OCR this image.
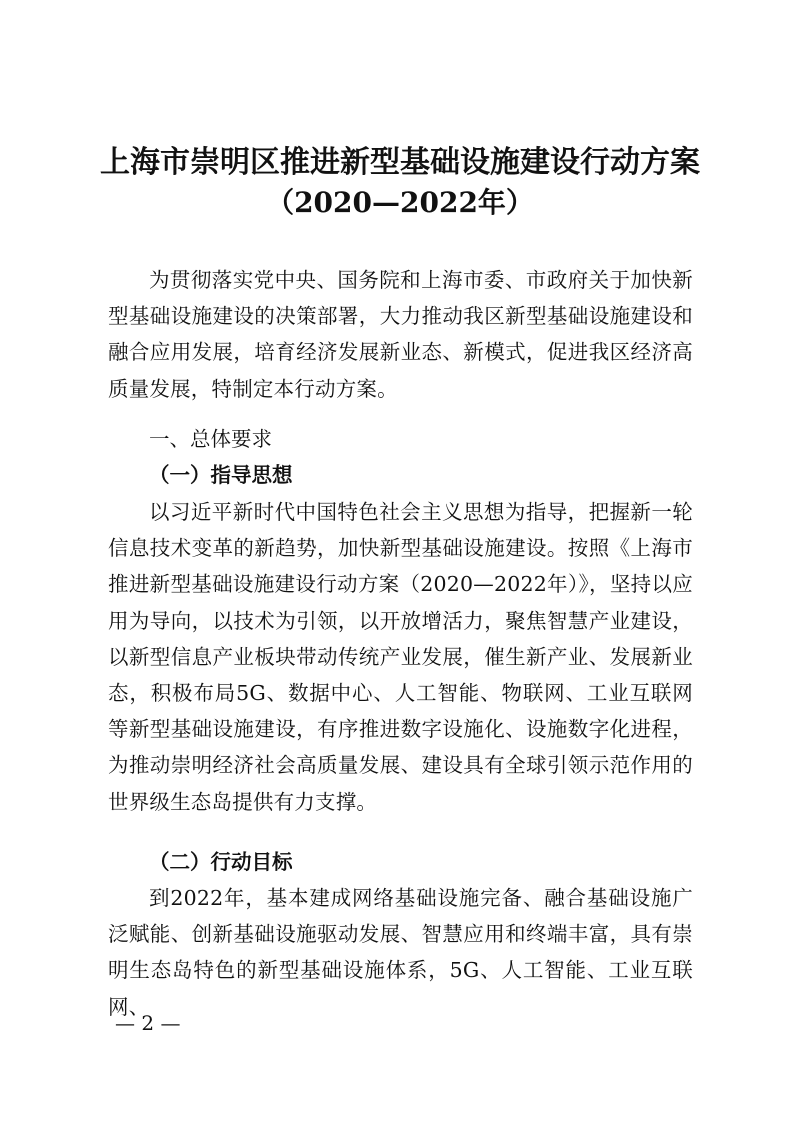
上海市崇明区推进新型基础设施建设行动方案
（2020—2022年）

为贯彻落实党中央、国务院和上海市委、市政府关于加快新型基础设施建设的决策部署，大力推动我区新型基础设施建设和融合应用发展，培育经济发展新业态、新模式，促进我区经济高质量发展，特制定本行动方案。

一、总体要求

（一）指导思想

以习近平新时代中国特色社会主义思想为指导，把握新一轮信息技术变革的新趋势，加快新型基础设施建设。按照《上海市推进新型基础设施建设行动方案（2020—2022年）》，坚持以应用为导向，以技术为引领，以开放增活力，聚焦智慧产业建设，以新型信息产业板块带动传统产业发展，催生新产业、发展新业态，积极布局5G、数据中心、人工智能、物联网、工业互联网等新型基础设施建设，有序推进数字设施化、设施数字化进程，为推动崇明经济社会高质量发展、建设具有全球引领示范作用的世界级生态岛提供有力支撑。

（二）行动目标

到2022年，基本建成网络基础设施完备、融合基础设施广泛赋能、创新基础设施驱动发展、智慧应用和终端丰富，具有崇明生态岛特色的新型基础设施体系，5G、人工智能、工业互联网、

— 2 —
